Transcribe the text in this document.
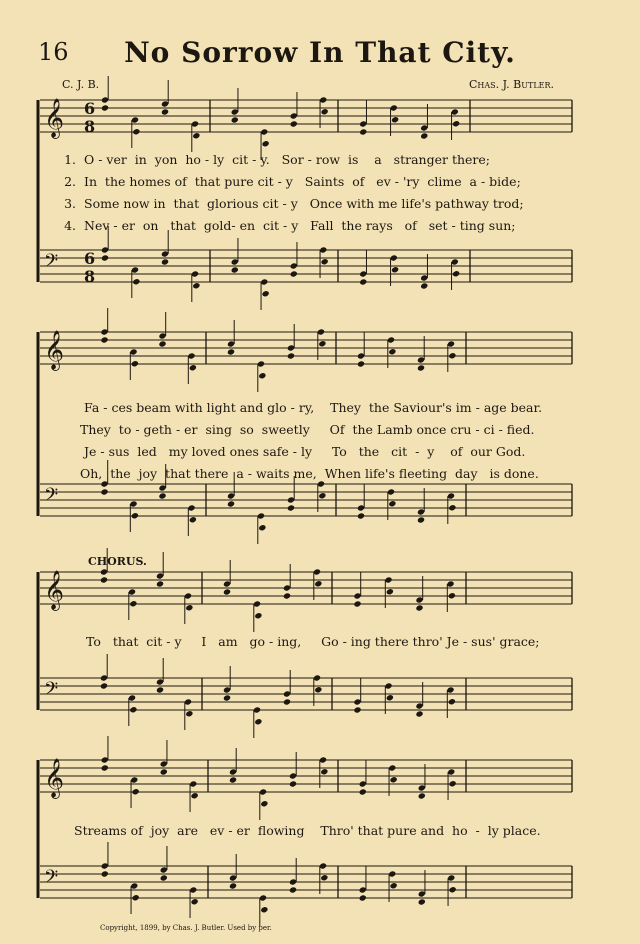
16	No Sorrow In That City.
C. J. B.	Chas. J. Butler.
𝄞
𝄢
𝄞
𝄢
𝄞
𝄢
𝄞
𝄢
6
8
6
8
1. O - ver  in  yon  ho - ly  cit - y.   Sor - row  is    a   stranger there;
2. In  the homes of  that pure cit - y   Saints  of   ev - 'ry  clime  a - bide;
3. Some now in  that  glorious cit - y   Once with me life's pathway trod;
4. Nev - er  on   that  gold- en  cit - y   Fall  the rays   of   set - ting sun;
Fa - ces beam with light and glo - ry,    They  the Saviour's im - age bear.
They  to - geth - er  sing  so  sweetly     Of  the Lamb once cru - ci - fied.
Je - sus  led   my loved ones safe - ly     To   the   cit  -  y    of  our God.
Oh,  the  joy  that there  a - waits me,  When life's fleeting  day   is done.
CHORUS.
To   that  cit - y     I   am   go - ing,     Go - ing there thro' Je - sus' grace;
Streams of  joy  are   ev - er  flowing    Thro' that pure and  ho  -  ly place.
Copyright, 1899, by Chas. J. Butler. Used by per.
